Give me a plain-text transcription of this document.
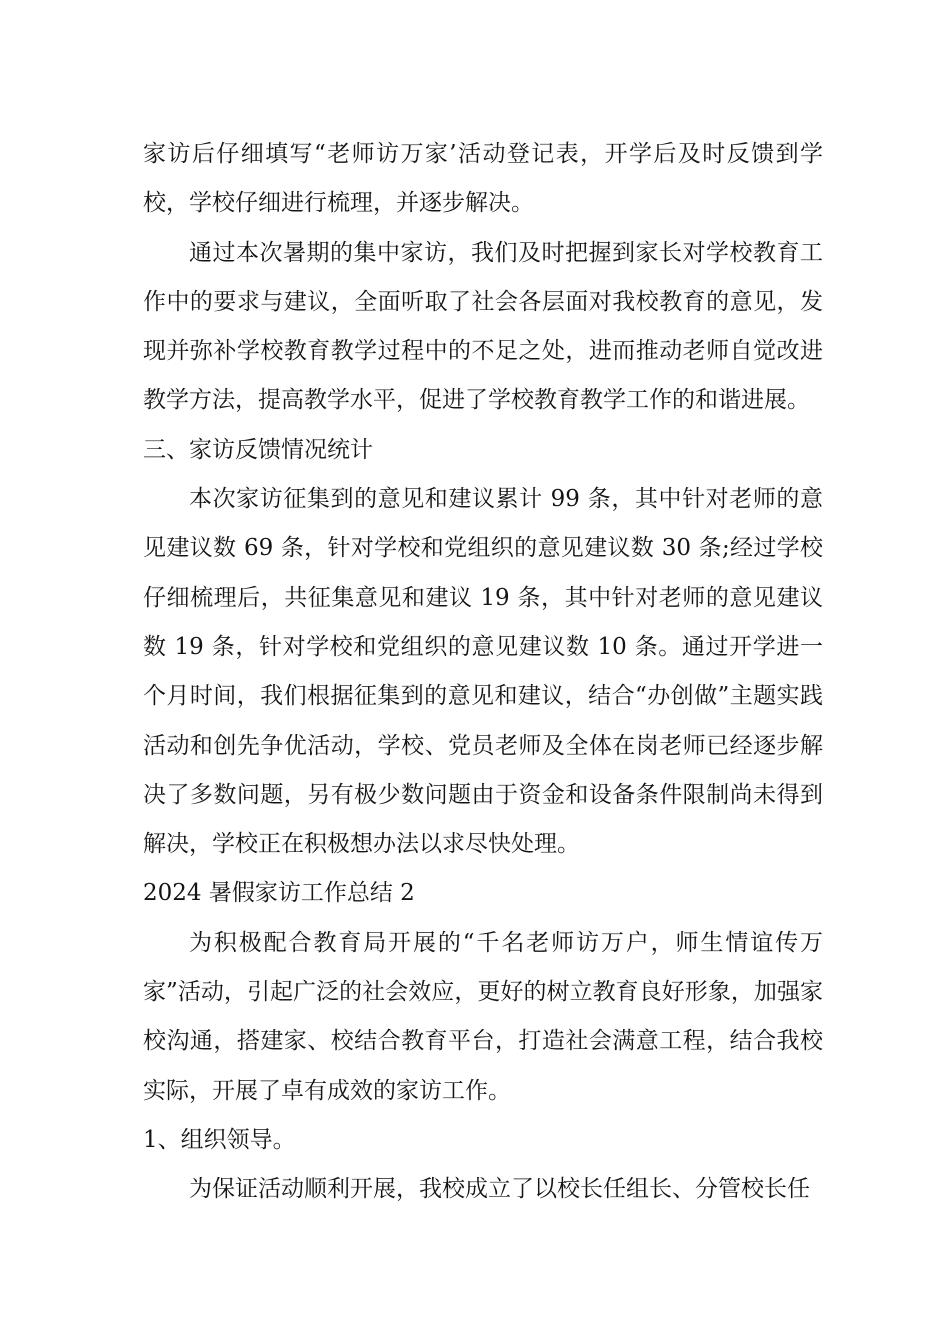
家访后仔细填写“老师访万家’活动登记表，开学后及时反馈到学校，学校仔细进行梳理，并逐步解决。

通过本次暑期的集中家访，我们及时把握到家长对学校教育工作中的要求与建议，全面听取了社会各层面对我校教育的意见，发现并弥补学校教育教学过程中的不足之处，进而推动老师自觉改进教学方法，提高教学水平，促进了学校教育教学工作的和谐进展。

三、家访反馈情况统计

本次家访征集到的意见和建议累计 99 条，其中针对老师的意见建议数 69 条，针对学校和党组织的意见建议数 30 条;经过学校仔细梳理后，共征集意见和建议 19 条，其中针对老师的意见建议数 19 条，针对学校和党组织的意见建议数 10 条。通过开学进一个月时间，我们根据征集到的意见和建议，结合“办创做”主题实践活动和创先争优活动，学校、党员老师及全体在岗老师已经逐步解决了多数问题，另有极少数问题由于资金和设备条件限制尚未得到解决，学校正在积极想办法以求尽快处理。

2024 暑假家访工作总结 2

为积极配合教育局开展的“千名老师访万户，师生情谊传万家”活动，引起广泛的社会效应，更好的树立教育良好形象，加强家校沟通，搭建家、校结合教育平台，打造社会满意工程，结合我校实际，开展了卓有成效的家访工作。

1、组织领导。

为保证活动顺利开展，我校成立了以校长任组长、分管校长任
